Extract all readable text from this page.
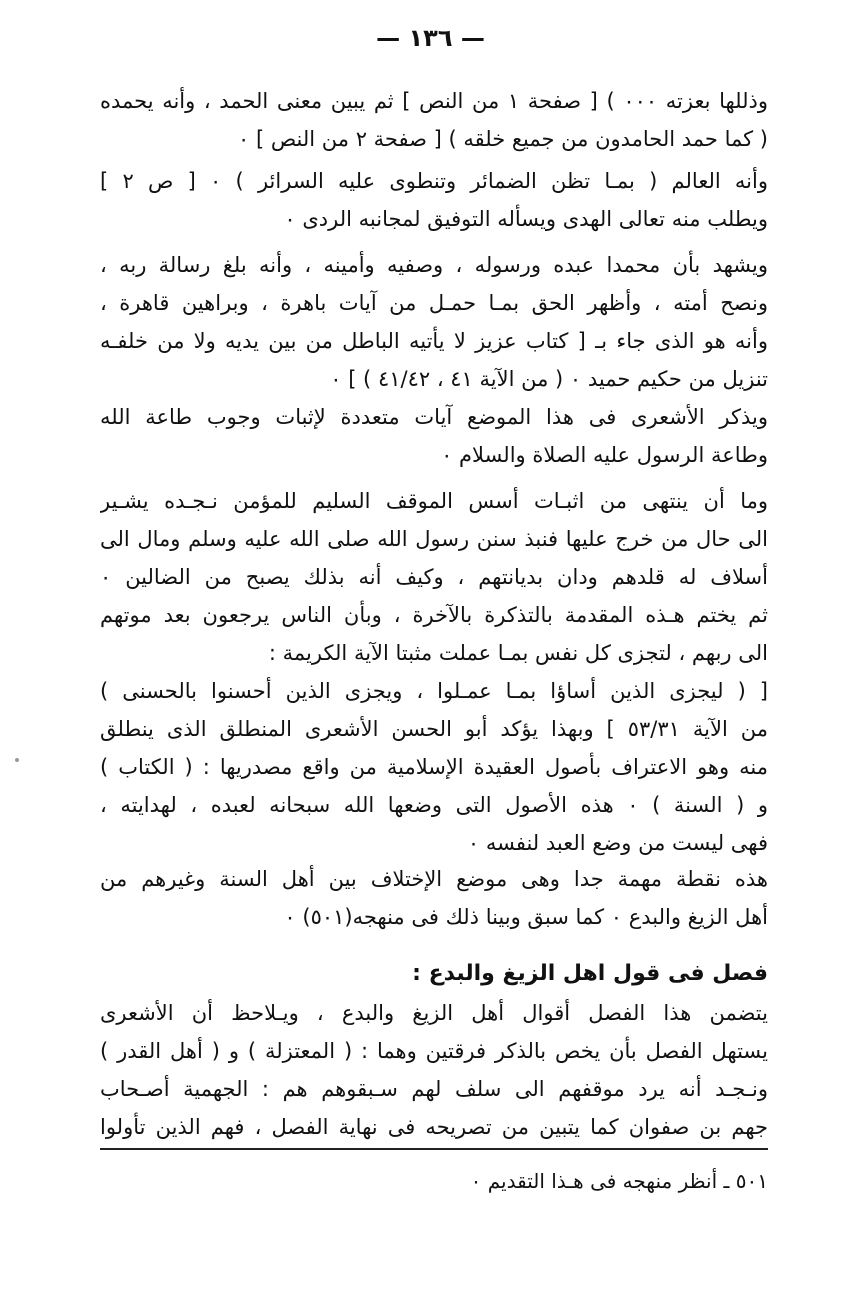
— ١٣٦ —
وذللها بعزته ٠٠٠ ) [ صفحة ١ من النص ] ثم يبين معنى الحمد ، وأنه يحمده
( كما حمد الحامدون من جميع خلقه ) [ صفحة ٢ من النص ] ٠
وأنه العالم ( بمـا تظن الضمائر وتنطوى عليه السرائر ) ٠ [ ص ٢ ]
ويطلب منه تعالى الهدى ويسأله التوفيق لمجانبه الردى ٠
ويشهد بأن محمدا عبده ورسوله ، وصفيه وأمينه ، وأنه بلغ رسالة ربه ،
ونصح أمته ، وأظهر الحق بمـا حمـل من آيات باهرة ، وبراهين قاهرة ،
وأنه هو الذى جاء بـ [ كتاب عزيز لا يأتيه الباطل من بين يديه ولا من خلفـه
تنزيل من حكيم حميد ٠ ( من الآية ٤١ ، ٤١/٤٢ ) ] ٠
ويذكر الأشعرى فى هذا الموضع آيات متعددة لإثبات وجوب طاعة الله
وطاعة الرسول عليه الصلاة والسلام ٠
وما أن ينتهى من اثبـات أسس الموقف السليم للمؤمن نـجـده يشـير
الى حال من خرج عليها فنبذ سنن رسول الله صلى الله عليه وسلم ومال الى
أسلاف له قلدهم ودان بديانتهم ، وكيف أنه بذلك يصبح من الضالين ٠
ثم يختم هـذه المقدمة بالتذكرة بالآخرة ، وبأن الناس يرجعون بعد موتهم
الى ربهم ، لتجزى كل نفس بمـا عملت مثبتا الآية الكريمة :
[ ( ليجزى الذين أساؤا بمـا عمـلوا ، ويجزى الذين أحسنوا بالحسنى )
من الآية ٥٣/٣١ ] وبهذا يؤكد أبو الحسن الأشعرى المنطلق الذى ينطلق
منه وهو الاعتراف بأصول العقيدة الإسلامية من واقع مصدريها : ( الكتاب )
و ( السنة ) ٠ هذه الأصول التى وضعها الله سبحانه لعبده ، لهدايته ،
فهى ليست من وضع العبد لنفسه ٠
هذه نقطة مهمة جدا وهى موضع الإختلاف بين أهل السنة وغيرهم من
أهل الزيغ والبدع ٠ كما سبق وبينا ذلك فى منهجه(٥٠١) ٠
فصل فى قول اهل الزيغ والبدع :
يتضمن هذا الفصل أقوال أهل الزيغ والبدع ، ويـلاحظ أن الأشعرى
يستهل الفصل بأن يخص بالذكر فرقتين وهما : ( المعتزلة ) و ( أهل القدر )
ونـجـد أنه يرد موقفهم الى سلف لهم سـبقوهم هم : الجهمية أصـحاب
جهم بن صفوان كما يتبين من تصريحه فى نهاية الفصل ، فهم الذين تأولوا
٥٠١ ـ أنظر منهجه فى هـذا التقديم ٠
